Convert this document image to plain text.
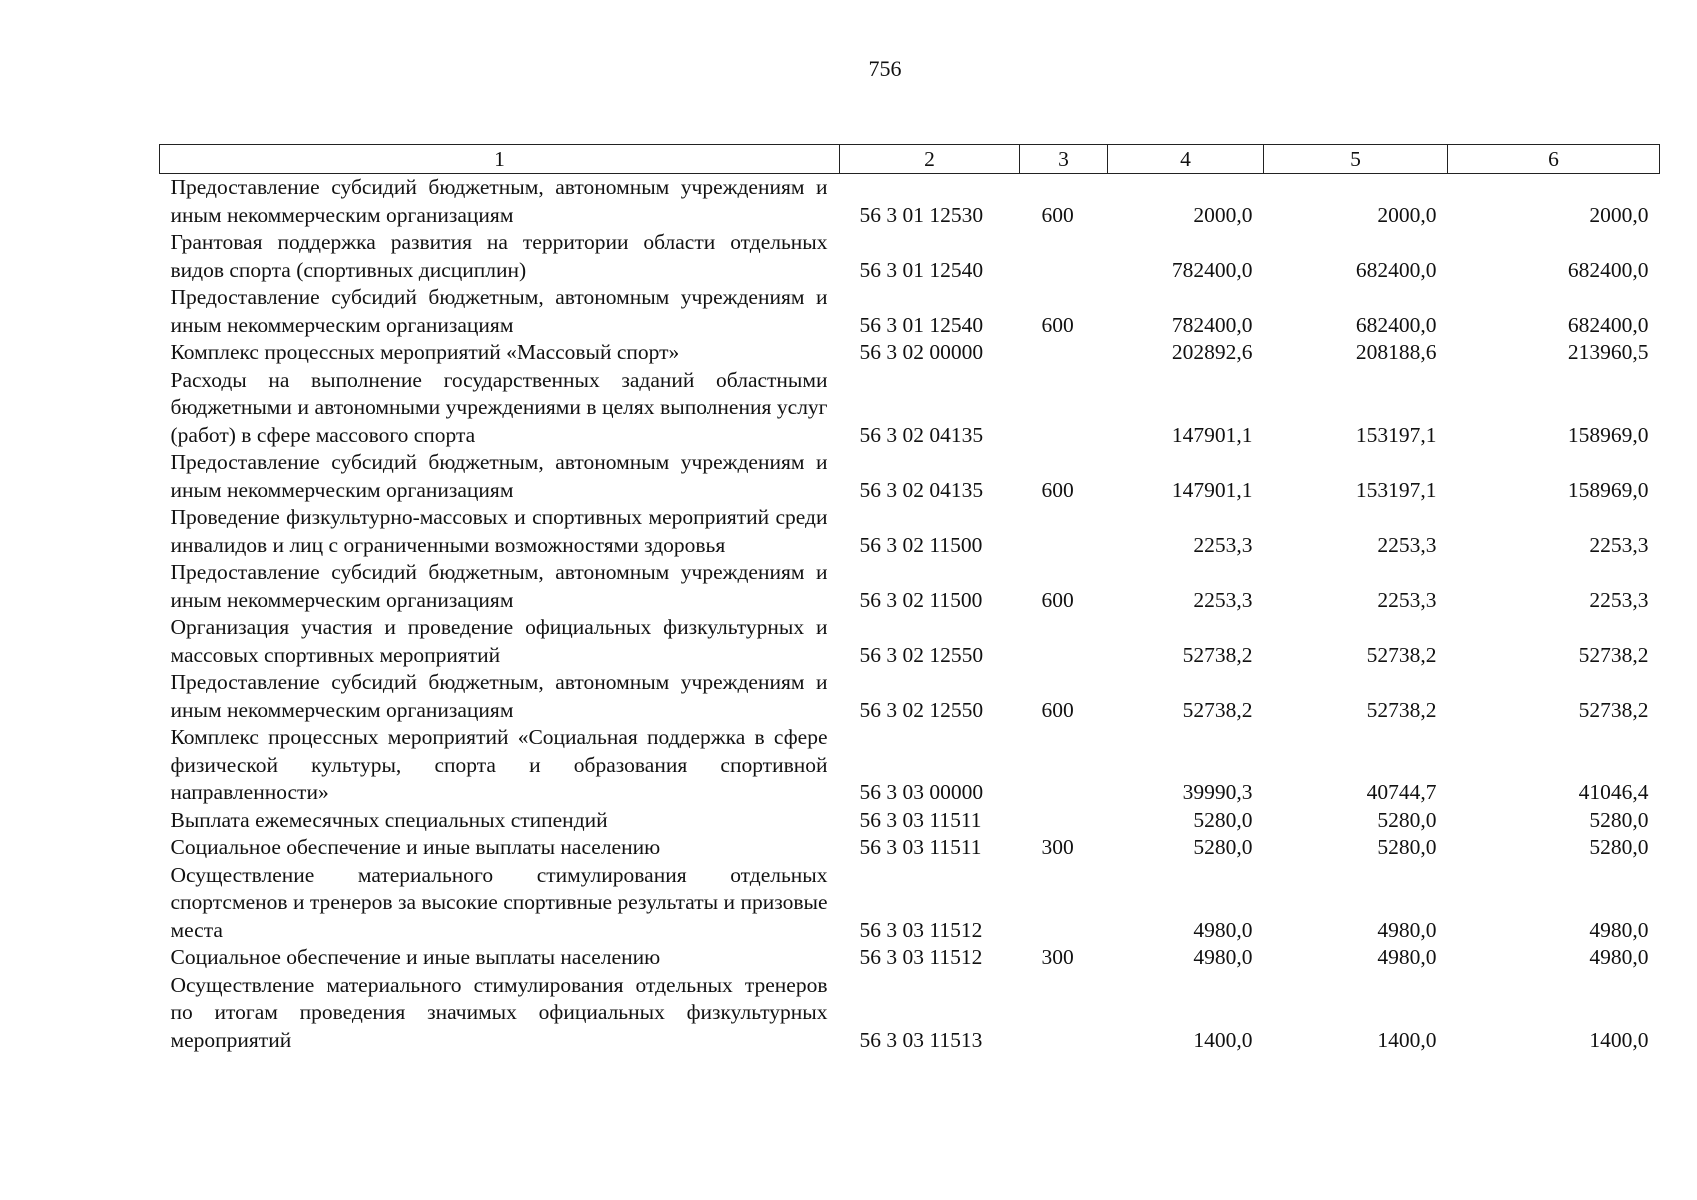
756
1	2	3	4	5	6
Предоставление субсидий бюджетным, автономным учреждениям и иным некоммерческим организациям	56 3 01 12530	600	2000,0	2000,0	2000,0
Грантовая поддержка развития на территории области отдельных видов спорта (спортивных дисциплин)	56 3 01 12540		782400,0	682400,0	682400,0
Предоставление субсидий бюджетным, автономным учреждениям и иным некоммерческим организациям	56 3 01 12540	600	782400,0	682400,0	682400,0
Комплекс процессных мероприятий «Массовый спорт»	56 3 02 00000		202892,6	208188,6	213960,5
Расходы на выполнение государственных заданий областными бюджетными и автономными учреждениями в целях выполнения услуг (работ) в сфере массового спорта	56 3 02 04135		147901,1	153197,1	158969,0
Предоставление субсидий бюджетным, автономным учреждениям и иным некоммерческим организациям	56 3 02 04135	600	147901,1	153197,1	158969,0
Проведение физкультурно-массовых и спортивных мероприятий среди инвалидов и лиц с ограниченными возможностями здоровья	56 3 02 11500		2253,3	2253,3	2253,3
Предоставление субсидий бюджетным, автономным учреждениям и иным некоммерческим организациям	56 3 02 11500	600	2253,3	2253,3	2253,3
Организация участия и проведение официальных физкультурных и массовых спортивных мероприятий	56 3 02 12550		52738,2	52738,2	52738,2
Предоставление субсидий бюджетным, автономным учреждениям и иным некоммерческим организациям	56 3 02 12550	600	52738,2	52738,2	52738,2
Комплекс процессных мероприятий «Социальная поддержка в сфере физической культуры, спорта и образования спортивной направленности»	56 3 03 00000		39990,3	40744,7	41046,4
Выплата ежемесячных специальных стипендий	56 3 03 11511		5280,0	5280,0	5280,0
Социальное обеспечение и иные выплаты населению	56 3 03 11511	300	5280,0	5280,0	5280,0
Осуществление материального стимулирования отдельных спортсменов и тренеров за высокие спортивные результаты и призовые места	56 3 03 11512		4980,0	4980,0	4980,0
Социальное обеспечение и иные выплаты населению	56 3 03 11512	300	4980,0	4980,0	4980,0
Осуществление материального стимулирования отдельных тренеров по итогам проведения значимых официальных физкультурных мероприятий	56 3 03 11513		1400,0	1400,0	1400,0
